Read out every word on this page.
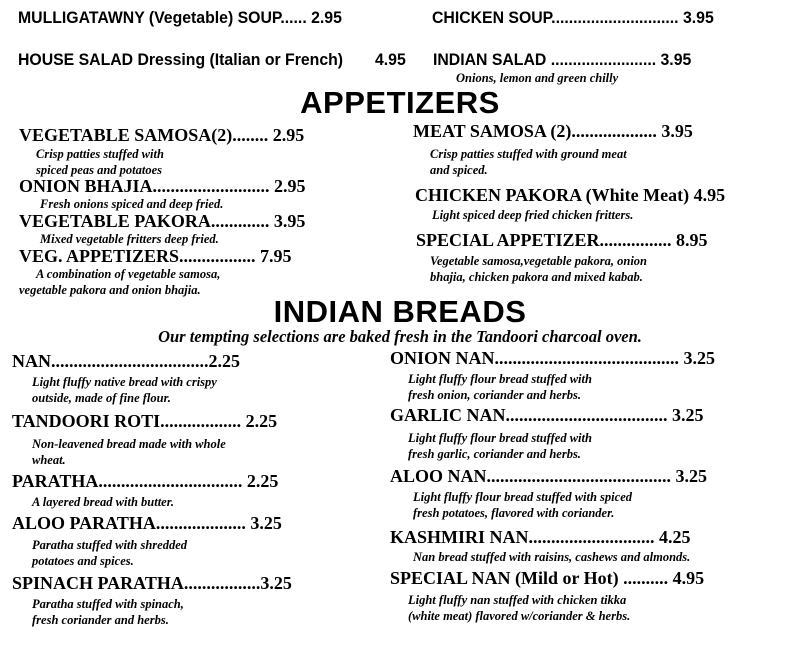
MULLIGATAWNY (Vegetable) SOUP...... 2.95	CHICKEN SOUP............................. 3.95
HOUSE SALAD Dressing (Italian or French) 4.95 INDIAN SALAD ........................ 3.95
Onions, lemon and green chilly
APPETIZERS
VEGETABLE SAMOSA(2)........ 2.95
Crisp patties stuffed with
spiced peas and potatoes
ONION BHAJIA.......................... 2.95
Fresh onions spiced and deep fried.
VEGETABLE PAKORA............. 3.95
Mixed vegetable fritters deep fried.
VEG. APPETIZERS................. 7.95
A combination of vegetable samosa,
vegetable pakora and onion bhajia.
MEAT SAMOSA (2)................... 3.95
Crisp patties stuffed with ground meat
and spiced.
CHICKEN PAKORA (White Meat) 4.95
Light spiced deep fried chicken fritters.
SPECIAL APPETIZER................ 8.95
Vegetable samosa,vegetable pakora, onion
bhajia, chicken pakora and mixed kabab.
INDIAN BREADS
Our tempting selections are baked fresh in the Tandoori charcoal oven.
NAN...................................2.25
Light fluffy native bread with crispy
outside, made of fine flour.
TANDOORI ROTI.................. 2.25
Non-leavened bread made with whole
wheat.
PARATHA................................ 2.25
A layered bread with butter.
ALOO PARATHA.................... 3.25
Paratha stuffed with shredded
potatoes and spices.
SPINACH PARATHA.................3.25
Paratha stuffed with spinach,
fresh coriander and herbs.
ONION NAN......................................... 3.25
Light fluffy flour bread stuffed with
fresh onion, coriander and herbs.
GARLIC NAN.................................... 3.25
Light fluffy flour bread stuffed with
fresh garlic, coriander and herbs.
ALOO NAN......................................... 3.25
Light fluffy flour bread stuffed with spiced
fresh potatoes, flavored with coriander.
KASHMIRI NAN............................ 4.25
Nan bread stuffed with raisins, cashews and almonds.
SPECIAL NAN (Mild or Hot) .......... 4.95
Light fluffy nan stuffed with chicken tikka
(white meat) flavored w/coriander & herbs.
